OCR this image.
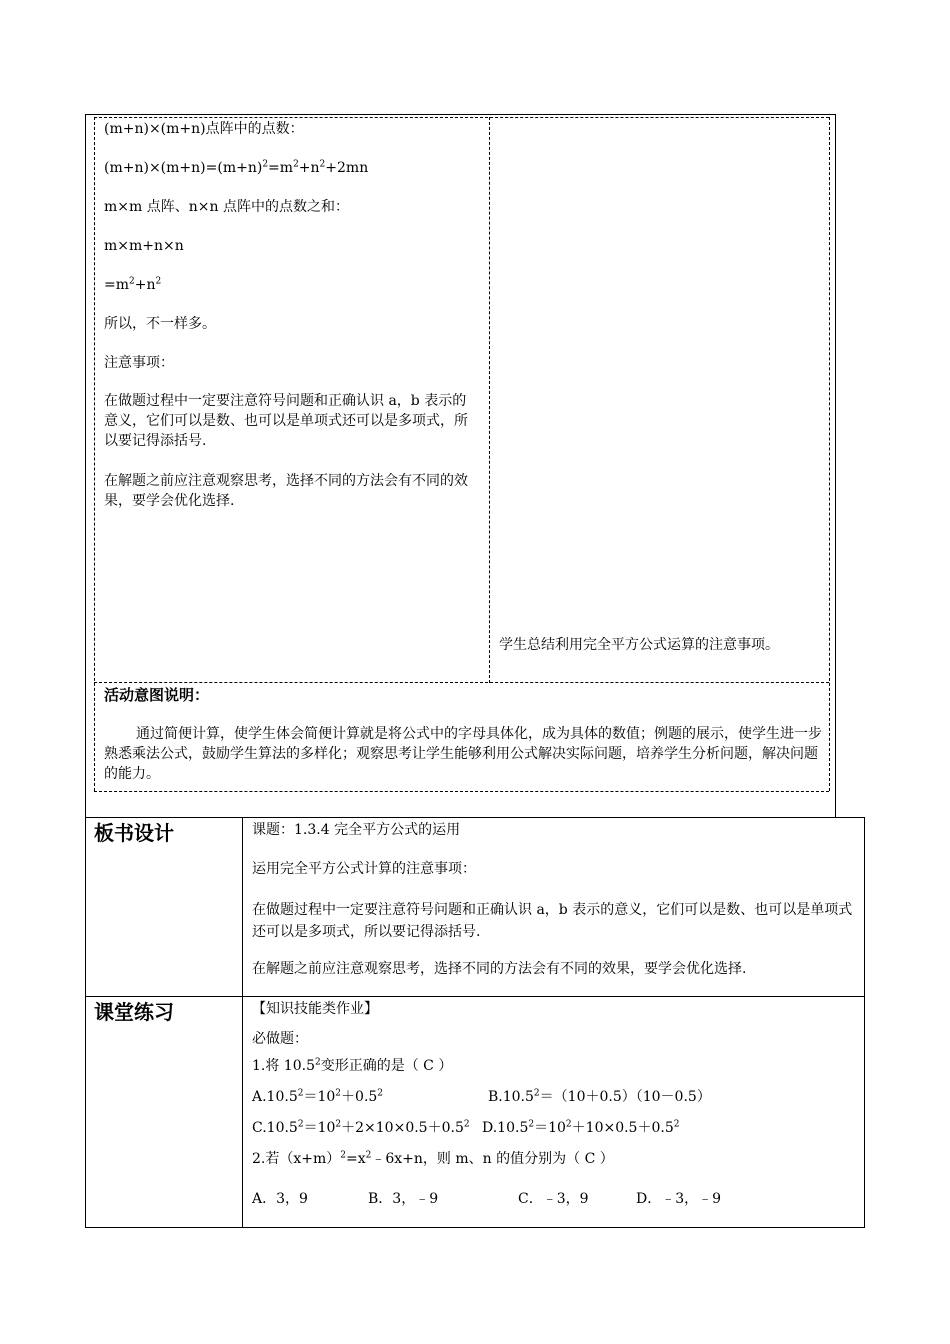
(m+n)×(m+n)点阵中的点数：
$(m+n)\times(m+n)=(m+n)^2=m^2+n^2+2mn$
m×m 点阵、n×n 点阵中的点数之和：
m×m+n×n
$=m^2+n^2$
所以，不一样多。
注意事项：
在做题过程中一定要注意符号问题和正确认识 a，b 表示的意义，它们可以是数、也可以是单项式还可以是多项式，所以要记得添括号.
在解题之前应注意观察思考，选择不同的方法会有不同的效果，要学会优化选择.
学生总结利用完全平方公式运算的注意事项。
活动意图说明：
通过简便计算，使学生体会简便计算就是将公式中的字母具体化，成为具体的数值；例题的展示，使学生进一步熟悉乘法公式，鼓励学生算法的多样化；观察思考让学生能够利用公式解决实际问题，培养学生分析问题，解决问题的能力。
板书设计	课题：1.3.4 完全平方公式的运用
运用完全平方公式计算的注意事项：
在做题过程中一定要注意符号问题和正确认识 a，b 表示的意义，它们可以是数、也可以是单项式还可以是多项式，所以要记得添括号.
在解题之前应注意观察思考，选择不同的方法会有不同的效果，要学会优化选择.
课堂练习	【知识技能类作业】
必做题：
1.将 10.5$^2$变形正确的是（ C ）
$A.10.5^2=10^2+0.5^2$	$B.10.5^2=(10+0.5)(10-0.5)$
$C.10.5^2=10^2+2\times 10\times 0.5+0.5^2$ $D.10.5^2=10^2+10\times 0.5+0.5^2$
2.若$(x+m)^2=x^2﹣6x+n$，则 m、n 的值分别为（ C ）
A．3，9	B．3，﹣9	C．﹣3，9	D．﹣3，﹣9
